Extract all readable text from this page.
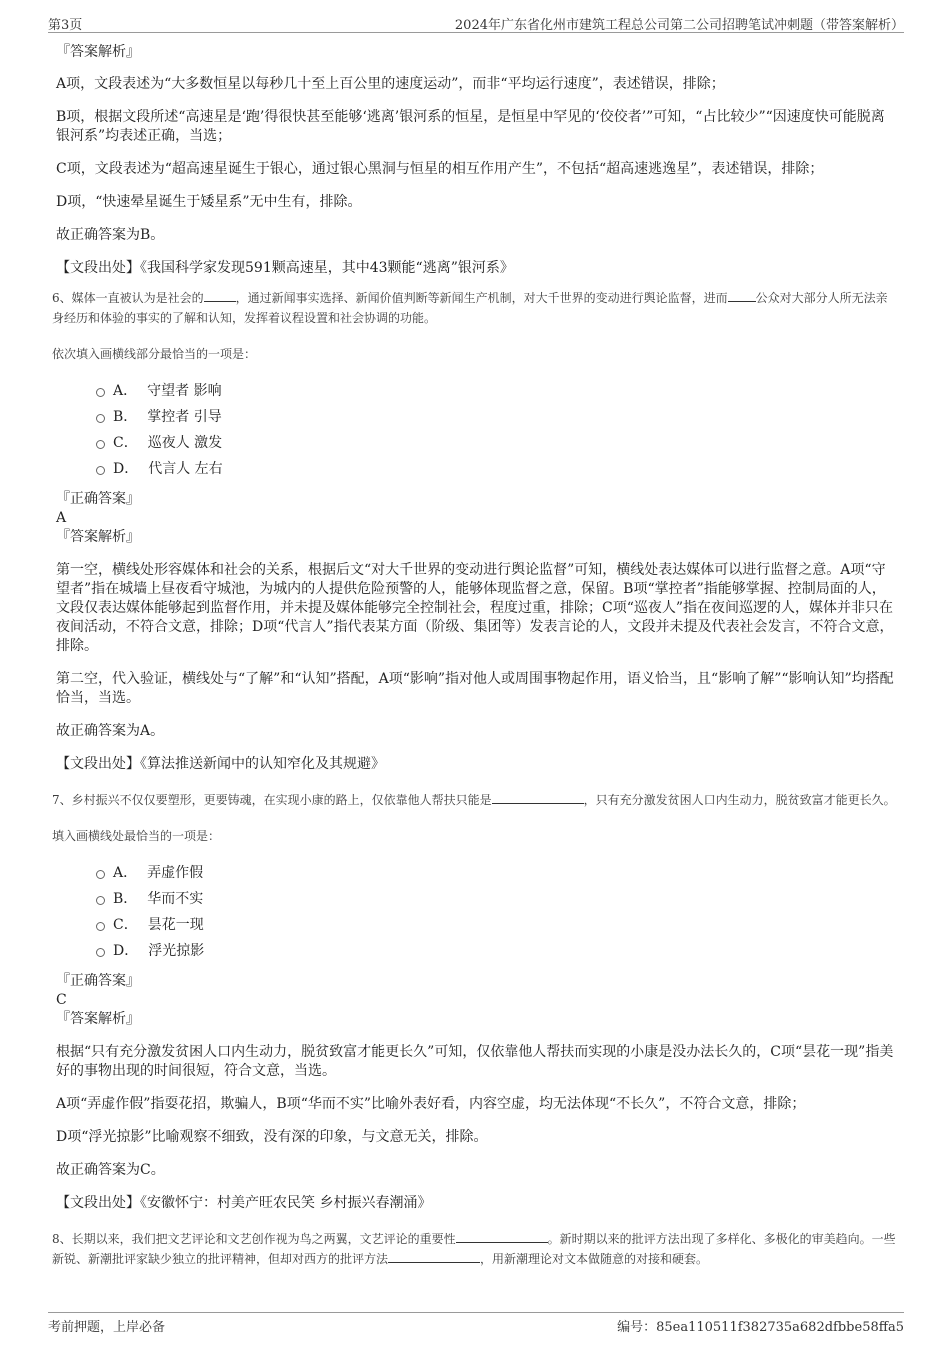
第3页	2024年广东省化州市建筑工程总公司第二公司招聘笔试冲刺题（带答案解析）
『答案解析』

A项，文段表述为“大多数恒星以每秒几十至上百公里的速度运动”，而非“平均运行速度”，表述错误，排除；

B项，根据文段所述“高速星是‘跑’得很快甚至能够‘逃离’银河系的恒星，是恒星中罕见的‘佼佼者’”可知，“占比较少”“因速度快可能脱离银河系”均表述正确，当选；

C项，文段表述为“超高速星诞生于银心，通过银心黑洞与恒星的相互作用产生”，不包括“超高速逃逸星”，表述错误，排除；

D项，“快速晕星诞生于矮星系”无中生有，排除。

故正确答案为B。

【文段出处】《我国科学家发现591颗高速星，其中43颗能“逃离”银河系》

6、媒体一直被认为是社会的	，通过新闻事实选择、新闻价值判断等新闻生产机制，对大千世界的变动进行舆论监督，进而 公众对大部分人所无法亲身经历和体验的事实的了解和认知，发挥着议程设置和社会协调的功能。

依次填入画横线部分最恰当的一项是：

A． 守望者 影响
B． 掌控者 引导
C． 巡夜人 激发
D． 代言人 左右
『正确答案』
A
『答案解析』

第一空，横线处形容媒体和社会的关系，根据后文“对大千世界的变动进行舆论监督”可知，横线处表达媒体可以进行监督之意。A项“守望者”指在城墙上昼夜看守城池，为城内的人提供危险预警的人，能够体现监督之意，保留。B项“掌控者”指能够掌握、控制局面的人，文段仅表达媒体能够起到监督作用，并未提及媒体能够完全控制社会，程度过重，排除；C项“巡夜人”指在夜间巡逻的人，媒体并非只在夜间活动，不符合文意，排除；D项“代言人”指代表某方面（阶级、集团等）发表言论的人，文段并未提及代表社会发言，不符合文意，排除。

第二空，代入验证，横线处与“了解”和“认知”搭配，A项“影响”指对他人或周围事物起作用，语义恰当，且“影响了解”“影响认知”均搭配恰当，当选。

故正确答案为A。

【文段出处】《算法推送新闻中的认知窄化及其规避》

7、乡村振兴不仅仅要塑形，更要铸魂，在实现小康的路上，仅依靠他人帮扶只能是	，只有充分激发贫困人口内生动力，脱贫致富才能更长久。

填入画横线处最恰当的一项是：

A． 弄虚作假
B． 华而不实
C． 昙花一现
D． 浮光掠影
『正确答案』
C
『答案解析』

根据“只有充分激发贫困人口内生动力，脱贫致富才能更长久”可知，仅依靠他人帮扶而实现的小康是没办法长久的，C项“昙花一现”指美好的事物出现的时间很短，符合文意，当选。

A项“弄虚作假”指耍花招，欺骗人，B项“华而不实”比喻外表好看，内容空虚，均无法体现“不长久”，不符合文意，排除；

D项“浮光掠影”比喻观察不细致，没有深的印象，与文意无关，排除。

故正确答案为C。

【文段出处】《安徽怀宁：村美产旺农民笑 乡村振兴春潮涌》

8、长期以来，我们把文艺评论和文艺创作视为鸟之两翼，文艺评论的重要性	。新时期以来的批评方法出现了多样化、多极化的审美趋向。一些新锐、新潮批评家缺少独立的批评精神，但却对西方的批评方法	，用新潮理论对文本做随意的对接和硬套。

考前押题，上岸必备	编号：85ea110511f382735a682dfbbe58ffa5
